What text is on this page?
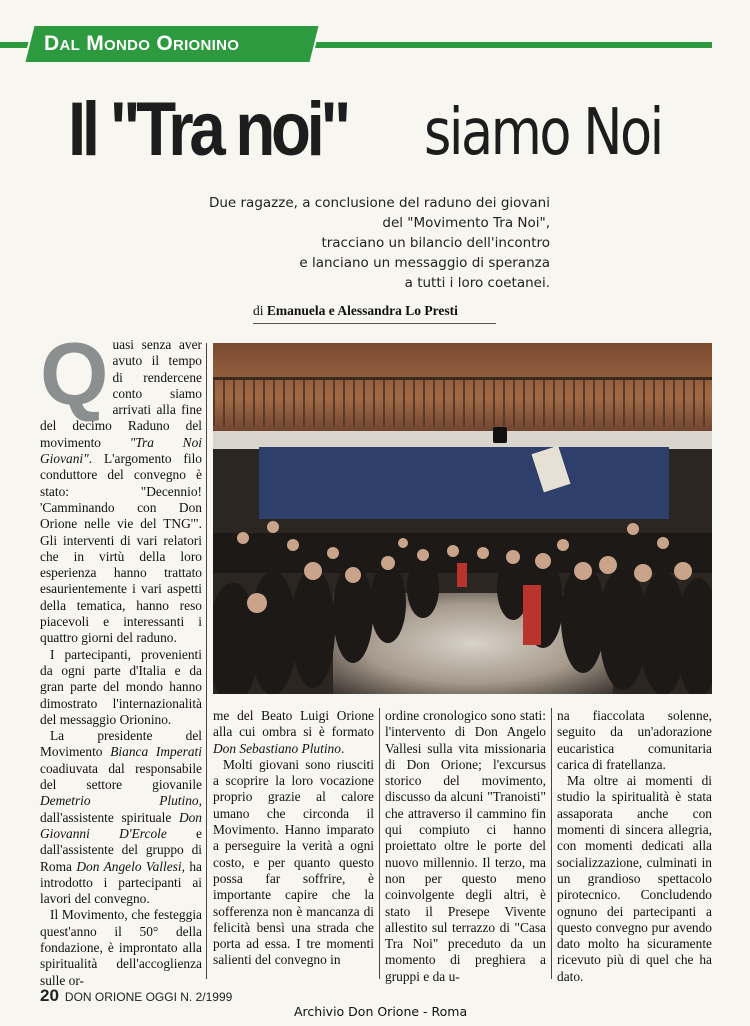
Dal Mondo Orionino
Il "Tra noi" siamo Noi
Due ragazze, a conclusione del raduno dei giovani
del "Movimento Tra Noi",
tracciano un bilancio dell'incontro
e lanciano un messaggio di speranza
a tutti i loro coetanei.
di Emanuela e Alessandra Lo Presti

Quasi senza aver avuto il tempo di rendercene conto siamo arrivati alla fine del decimo Raduno del movimento "Tra Noi Giovani". L'argomento filo conduttore del convegno è stato: "Decennio! 'Camminando con Don Orione nelle vie del TNG'". Gli interventi di vari relatori che in virtù della loro esperienza hanno trattato esaurientemente i vari aspetti della tematica, hanno reso piacevoli e interessanti i quattro giorni del raduno.

I partecipanti, provenienti da ogni parte d'Italia e da gran parte del mondo hanno dimostrato l'internazionalità del messaggio Orionino.

La presidente del Movimento Bianca Imperati coadiuvata dal responsabile del settore giovanile Demetrio Plutino, dall'assistente spirituale Don Giovanni D'Ercole e dall'assistente del gruppo di Roma Don Angelo Vallesi, ha introdotto i partecipanti ai lavori del convegno.

Il Movimento, che festeggia quest'anno il 50° della fondazione, è improntato alla spiritualità dell'accoglienza sulle or-

me del Beato Luigi Orione alla cui ombra si è formato Don Sebastiano Plutino.

Molti giovani sono riusciti a scoprire la loro vocazione proprio grazie al calore umano che circonda il Movimento. Hanno imparato a perseguire la verità a ogni costo, e per quanto questo possa far soffrire, è importante capire che la sofferenza non è mancanza di felicità bensì una strada che porta ad essa. I tre momenti salienti del convegno in

ordine cronologico sono stati: l'intervento di Don Angelo Vallesi sulla vita missionaria di Don Orione; l'excursus storico del movimento, discusso da alcuni "Tranoisti" che attraverso il cammino fin qui compiuto ci hanno proiettato oltre le porte del nuovo millennio. Il terzo, ma non per questo meno coinvolgente degli altri, è stato il Presepe Vivente allestito sul terrazzo di "Casa Tra Noi" preceduto da un momento di preghiera a gruppi e da u-

na fiaccolata solenne, seguito da un'adorazione eucaristica comunitaria carica di fratellanza.

Ma oltre ai momenti di studio la spiritualità è stata assaporata anche con momenti di sincera allegria, con momenti dedicati alla socializzazione, culminati in un grandioso spettacolo pirotecnico. Concludendo ognuno dei partecipanti a questo convegno pur avendo dato molto ha sicuramente ricevuto più di quel che ha dato.

20 DON ORIONE OGGI N. 2/1999
Archivio Don Orione - Roma
